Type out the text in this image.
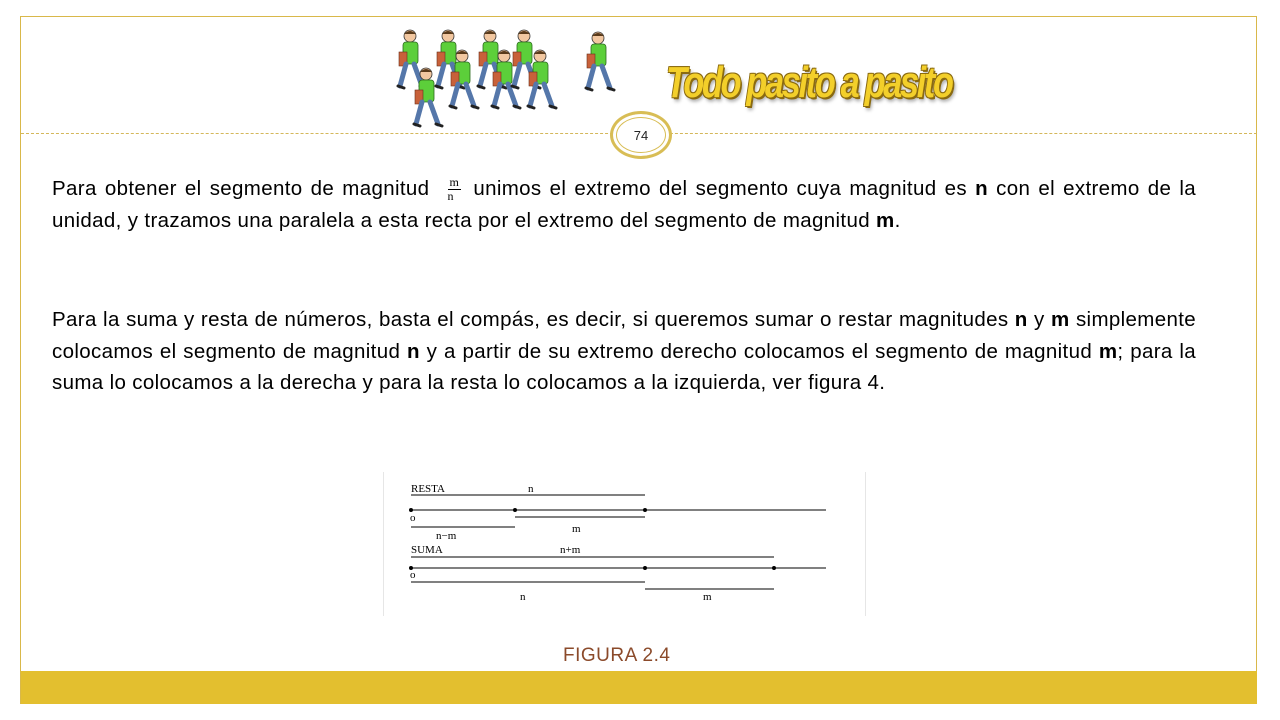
Todo pasito a pasito
74
Para obtener el segmento de magnitud $\frac{m}{n}$ unimos el extremo del segmento cuya magnitud es n con el extremo de la unidad, y trazamos una paralela a esta recta por el extremo del segmento de magnitud m.
Para la suma y resta de números, basta el compás, es decir, si queremos sumar o restar magnitudes n y m simplemente colocamos el segmento de magnitud n y a partir de su extremo derecho colocamos el segmento de magnitud m; para la suma lo colocamos a la derecha y para la resta lo colocamos a la izquierda, ver figura 4.
RESTA	n
o
m
n−m
SUMA	n+m
o
n	m
FIGURA 2.4
